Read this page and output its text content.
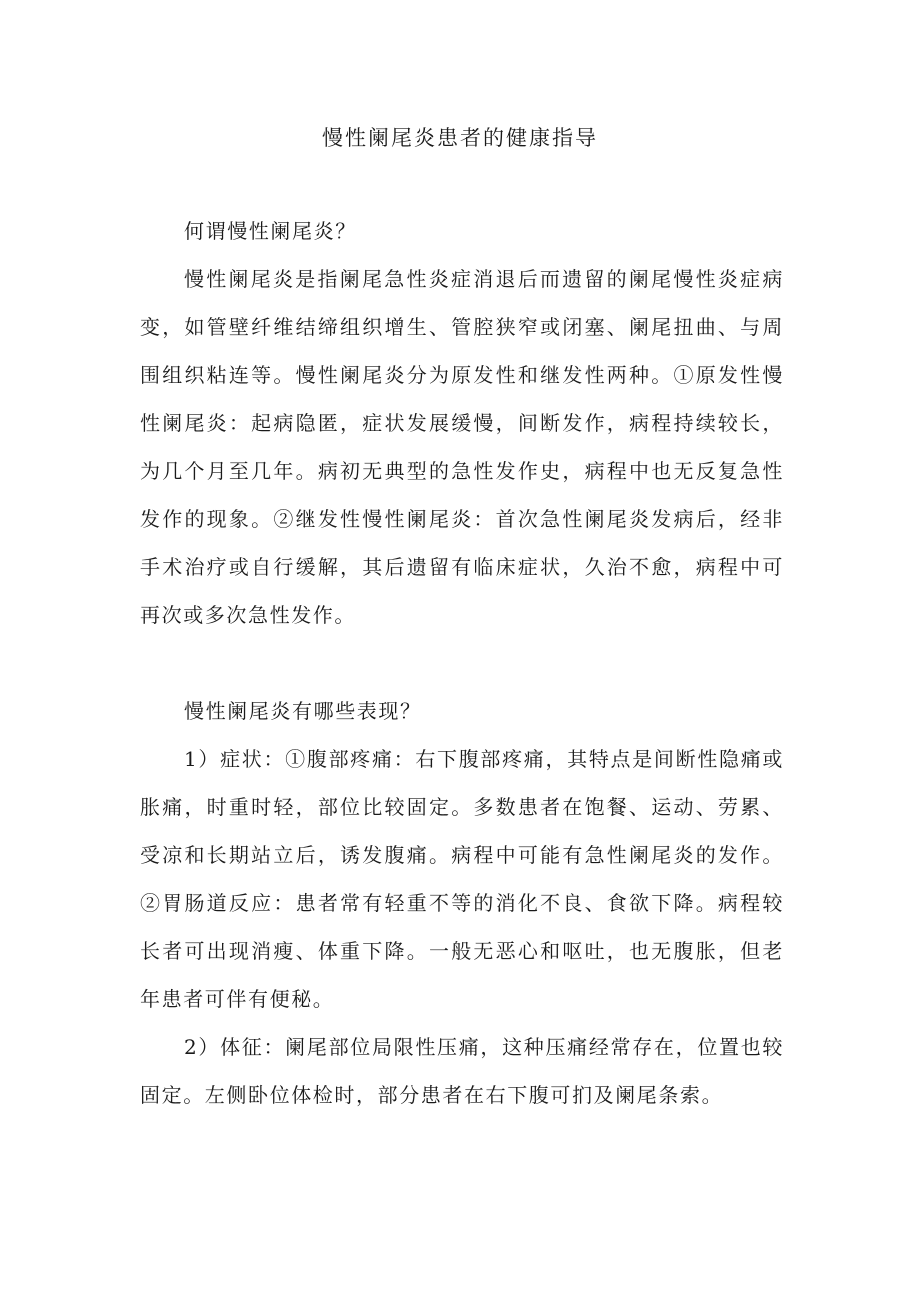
慢性阑尾炎患者的健康指导

何谓慢性阑尾炎？

慢性阑尾炎是指阑尾急性炎症消退后而遗留的阑尾慢性炎症病变，如管壁纤维结缔组织增生、管腔狭窄或闭塞、阑尾扭曲、与周围组织粘连等。慢性阑尾炎分为原发性和继发性两种。①原发性慢性阑尾炎：起病隐匿，症状发展缓慢，间断发作，病程持续较长，为几个月至几年。病初无典型的急性发作史，病程中也无反复急性发作的现象。②继发性慢性阑尾炎：首次急性阑尾炎发病后，经非手术治疗或自行缓解，其后遗留有临床症状，久治不愈，病程中可再次或多次急性发作。

慢性阑尾炎有哪些表现？

1）症状：①腹部疼痛：右下腹部疼痛，其特点是间断性隐痛或胀痛，时重时轻，部位比较固定。多数患者在饱餐、运动、劳累、受凉和长期站立后，诱发腹痛。病程中可能有急性阑尾炎的发作。②胃肠道反应：患者常有轻重不等的消化不良、食欲下降。病程较长者可出现消瘦、体重下降。一般无恶心和呕吐，也无腹胀，但老年患者可伴有便秘。

2）体征：阑尾部位局限性压痛，这种压痛经常存在，位置也较固定。左侧卧位体检时，部分患者在右下腹可扪及阑尾条索。
